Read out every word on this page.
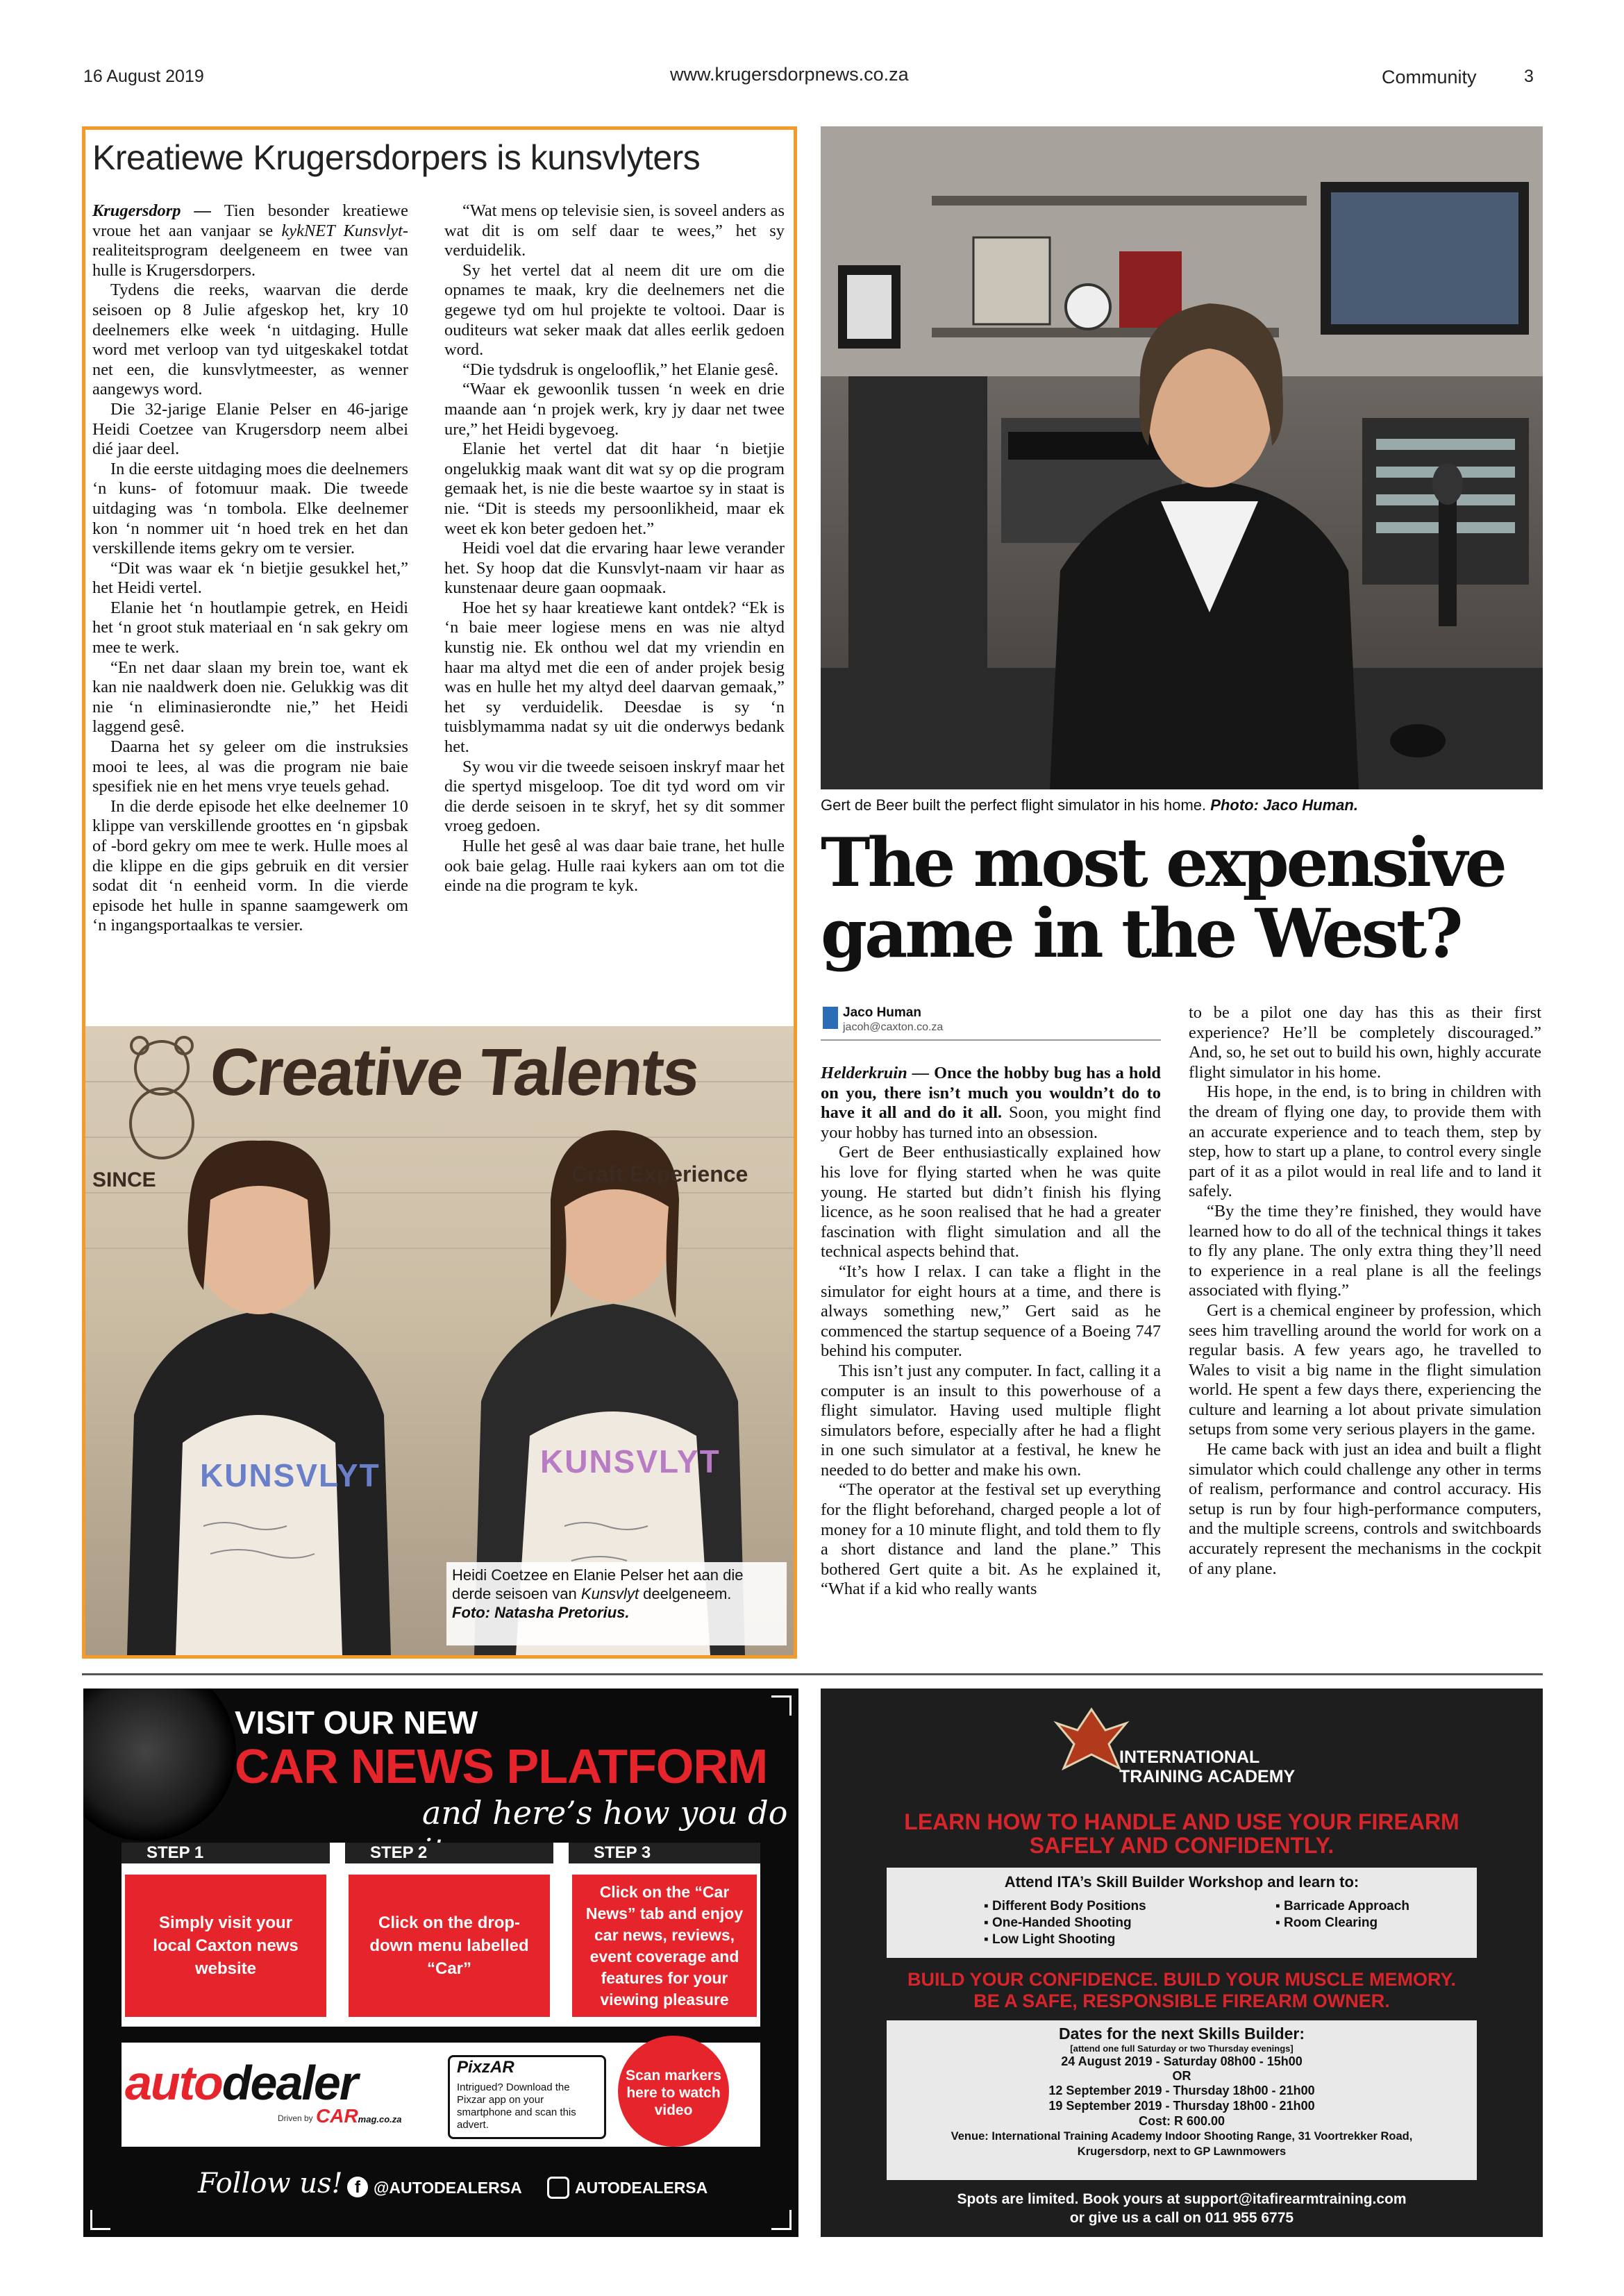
16 August 2019	www.krugersdorpnews.co.za	Community	3
Kreatiewe Krugersdorpers is kunsvlyters

Krugersdorp — Tien besonder kreatiewe vroue het aan vanjaar se kykNET Kunsvlyt-realiteitsprogram deelgeneem en twee van hulle is Krugersdorpers.

Tydens die reeks, waarvan die derde seisoen op 8 Julie afgeskop het, kry 10 deelnemers elke week ‘n uitdaging. Hulle word met verloop van tyd uitgeskakel totdat net een, die kunsvlytmeester, as wenner aangewys word.

Die 32-jarige Elanie Pelser en 46-jarige Heidi Coetzee van Krugersdorp neem albei dié jaar deel.

In die eerste uitdaging moes die deelnemers ‘n kuns- of fotomuur maak. Die tweede uitdaging was ‘n tombola. Elke deelnemer kon ‘n nommer uit ‘n hoed trek en het dan verskillende items gekry om te versier.

“Dit was waar ek ‘n bietjie gesukkel het,” het Heidi vertel.

Elanie het ‘n houtlampie getrek, en Heidi het ‘n groot stuk materiaal en ‘n sak gekry om mee te werk.

“En net daar slaan my brein toe, want ek kan nie naaldwerk doen nie. Gelukkig was dit nie ‘n eliminasierondte nie,” het Heidi laggend gesê.

Daarna het sy geleer om die instruksies mooi te lees, al was die program nie baie spesifiek nie en het mens vrye teuels gehad.

In die derde episode het elke deelnemer 10 klippe van verskillende groottes en ‘n gipsbak of -bord gekry om mee te werk. Hulle moes al die klippe en die gips gebruik en dit versier sodat dit ‘n eenheid vorm. In die vierde episode het hulle in spanne saamgewerk om ‘n ingangsportaalkas te versier.

“Wat mens op televisie sien, is soveel anders as wat dit is om self daar te wees,” het sy verduidelik.

Sy het vertel dat al neem dit ure om die opnames te maak, kry die deelnemers net die gegewe tyd om hul projekte te voltooi. Daar is ouditeurs wat seker maak dat alles eerlik gedoen word.

“Die tydsdruk is ongelooflik,” het Elanie gesê.

“Waar ek gewoonlik tussen ‘n week en drie maande aan ‘n projek werk, kry jy daar net twee ure,” het Heidi bygevoeg.

Elanie het vertel dat dit haar ‘n bietjie ongelukkig maak want dit wat sy op die program gemaak het, is nie die beste waartoe sy in staat is nie. “Dit is steeds my persoonlikheid, maar ek weet ek kon beter gedoen het.”

Heidi voel dat die ervaring haar lewe verander het. Sy hoop dat die Kunsvlyt-naam vir haar as kunstenaar deure gaan oopmaak.

Hoe het sy haar kreatiewe kant ontdek? “Ek is ‘n baie meer logiese mens en was nie altyd kunstig nie. Ek onthou wel dat my vriendin en haar ma altyd met die een of ander projek besig was en hulle het my altyd deel daarvan gemaak,” het sy verduidelik. Deesdae is sy ‘n tuisblymamma nadat sy uit die onderwys bedank het.

Sy wou vir die tweede seisoen inskryf maar het die spertyd misgeloop. Toe dit tyd word om vir die derde seisoen in te skryf, het sy dit sommer vroeg gedoen.

Hulle het gesê al was daar baie trane, het hulle ook baie gelag. Hulle raai kykers aan om tot die einde na die program te kyk.

Creative Talents
SINCE	Craft Experience
KUNSVLYT	KUNSVLYT
Heidi Coetzee en Elanie Pelser het aan die derde seisoen van Kunsvlyt deelgeneem.
Foto: Natasha Pretorius.
Gert de Beer built the perfect flight simulator in his home. Photo: Jaco Human.
The most expensive
game in the West?
Jaco Human
jacoh@caxton.co.za

Helderkruin — Once the hobby bug has a hold on you, there isn’t much you wouldn’t do to have it all and do it all. Soon, you might find your hobby has turned into an obsession.

Gert de Beer enthusiastically explained how his love for flying started when he was quite young. He started but didn’t finish his flying licence, as he soon realised that he had a greater fascination with flight simulation and all the technical aspects behind that.

“It’s how I relax. I can take a flight in the simulator for eight hours at a time, and there is always something new,” Gert said as he commenced the startup sequence of a Boeing 747 behind his computer.

This isn’t just any computer. In fact, calling it a computer is an insult to this powerhouse of a flight simulator. Having used multiple flight simulators before, especially after he had a flight in one such simulator at a festival, he knew he needed to do better and make his own.

“The operator at the festival set up everything for the flight beforehand, charged people a lot of money for a 10 minute flight, and told them to fly a short distance and land the plane.” This bothered Gert quite a bit. As he explained it, “What if a kid who really wants

to be a pilot one day has this as their first experience? He’ll be completely discouraged.” And, so, he set out to build his own, highly accurate flight simulator in his home.

His hope, in the end, is to bring in children with the dream of flying one day, to provide them with an accurate experience and to teach them, step by step, how to start up a plane, to control every single part of it as a pilot would in real life and to land it safely.

“By the time they’re finished, they would have learned how to do all of the technical things it takes to fly any plane. The only extra thing they’ll need to experience in a real plane is all the feelings associated with flying.”

Gert is a chemical engineer by profession, which sees him travelling around the world for work on a regular basis. A few years ago, he travelled to Wales to visit a big name in the flight simulation world. He spent a few days there, experiencing the culture and learning a lot about private simulation setups from some very serious players in the game.

He came back with just an idea and built a flight simulator which could challenge any other in terms of realism, performance and control accuracy. His setup is run by four high-performance computers, and the multiple screens, controls and switchboards accurately represent the mechanisms in the cockpit of any plane.

VISIT OUR NEW
CAR NEWS PLATFORM
and here’s how you do
STEP 1	STEP 2	STEP 3
Simply visit your local Caxton news website
Click on the drop-down menu labelled “Car”
Click on the “Car News” tab and enjoy car news, reviews, event coverage and features for your viewing pleasure
autodealer
Driven by CARmag.co.za
PixzAR
Intrigued? Download the Pixzar app on your smartphone and scan this advert.
Scan markers here to watch video
Follow us! f @AUTODEALERSA	AUTODEALERSA
INTERNATIONAL
TRAINING ACADEMY
LEARN HOW TO HANDLE AND USE YOUR FIREARM
SAFELY AND CONFIDENTLY.
Attend ITA’s Skill Builder Workshop and learn to:
▪ Different Body Positions
▪ One-Handed Shooting
▪ Low Light Shooting
▪ Barricade Approach
▪ Room Clearing
BUILD YOUR CONFIDENCE. BUILD YOUR MUSCLE MEMORY.
BE A SAFE, RESPONSIBLE FIREARM OWNER.
Dates for the next Skills Builder:
[attend one full Saturday or two Thursday evenings]
24 August 2019 - Saturday 08h00 - 15h00
OR
12 September 2019 - Thursday 18h00 - 21h00
19 September 2019 - Thursday 18h00 - 21h00
Cost: R 600.00
Venue: International Training Academy Indoor Shooting Range, 31 Voortrekker Road,
Krugersdorp, next to GP Lawnmowers
Spots are limited. Book yours at support@itafirearmtraining.com
or give us a call on 011 955 6775
